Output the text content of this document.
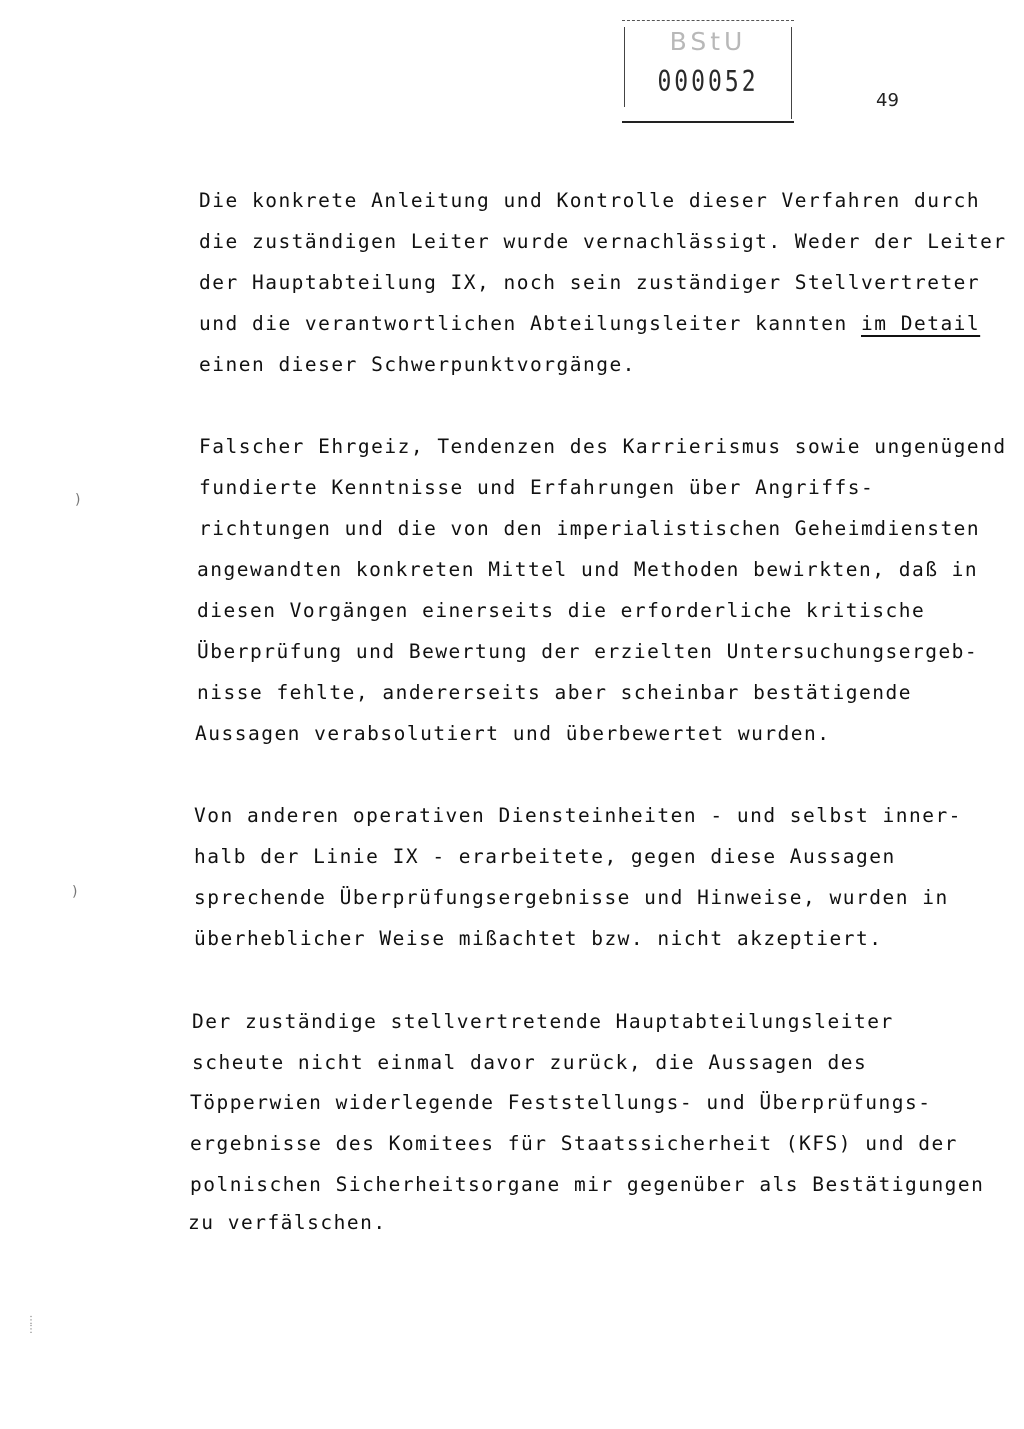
BStU
000052
49
Die konkrete Anleitung und Kontrolle dieser Verfahren durch
die zuständigen Leiter wurde vernachlässigt. Weder der Leiter
der Hauptabteilung IX, noch sein zuständiger Stellvertreter
und die verantwortlichen Abteilungsleiter kannten im Detail
einen dieser Schwerpunktvorgänge.
Falscher Ehrgeiz, Tendenzen des Karrierismus sowie ungenügend
fundierte Kenntnisse und Erfahrungen über Angriffs-
richtungen und die von den imperialistischen Geheimdiensten
angewandten konkreten Mittel und Methoden bewirkten, daß in
diesen Vorgängen einerseits die erforderliche kritische
Überprüfung und Bewertung der erzielten Untersuchungsergeb-
nisse fehlte, andererseits aber scheinbar bestätigende
Aussagen verabsolutiert und überbewertet wurden.
Von anderen operativen Diensteinheiten - und selbst inner-
halb der Linie IX - erarbeitete, gegen diese Aussagen
sprechende Überprüfungsergebnisse und Hinweise, wurden in
überheblicher Weise mißachtet bzw. nicht akzeptiert.
Der zuständige stellvertretende Hauptabteilungsleiter
scheute nicht einmal davor zurück, die Aussagen des
Töpperwien widerlegende Feststellungs- und Überprüfungs-
ergebnisse des Komitees für Staatssicherheit (KFS) und der
polnischen Sicherheitsorgane mir gegenüber als Bestätigungen
zu verfälschen.
)
)
⋮
⋮
